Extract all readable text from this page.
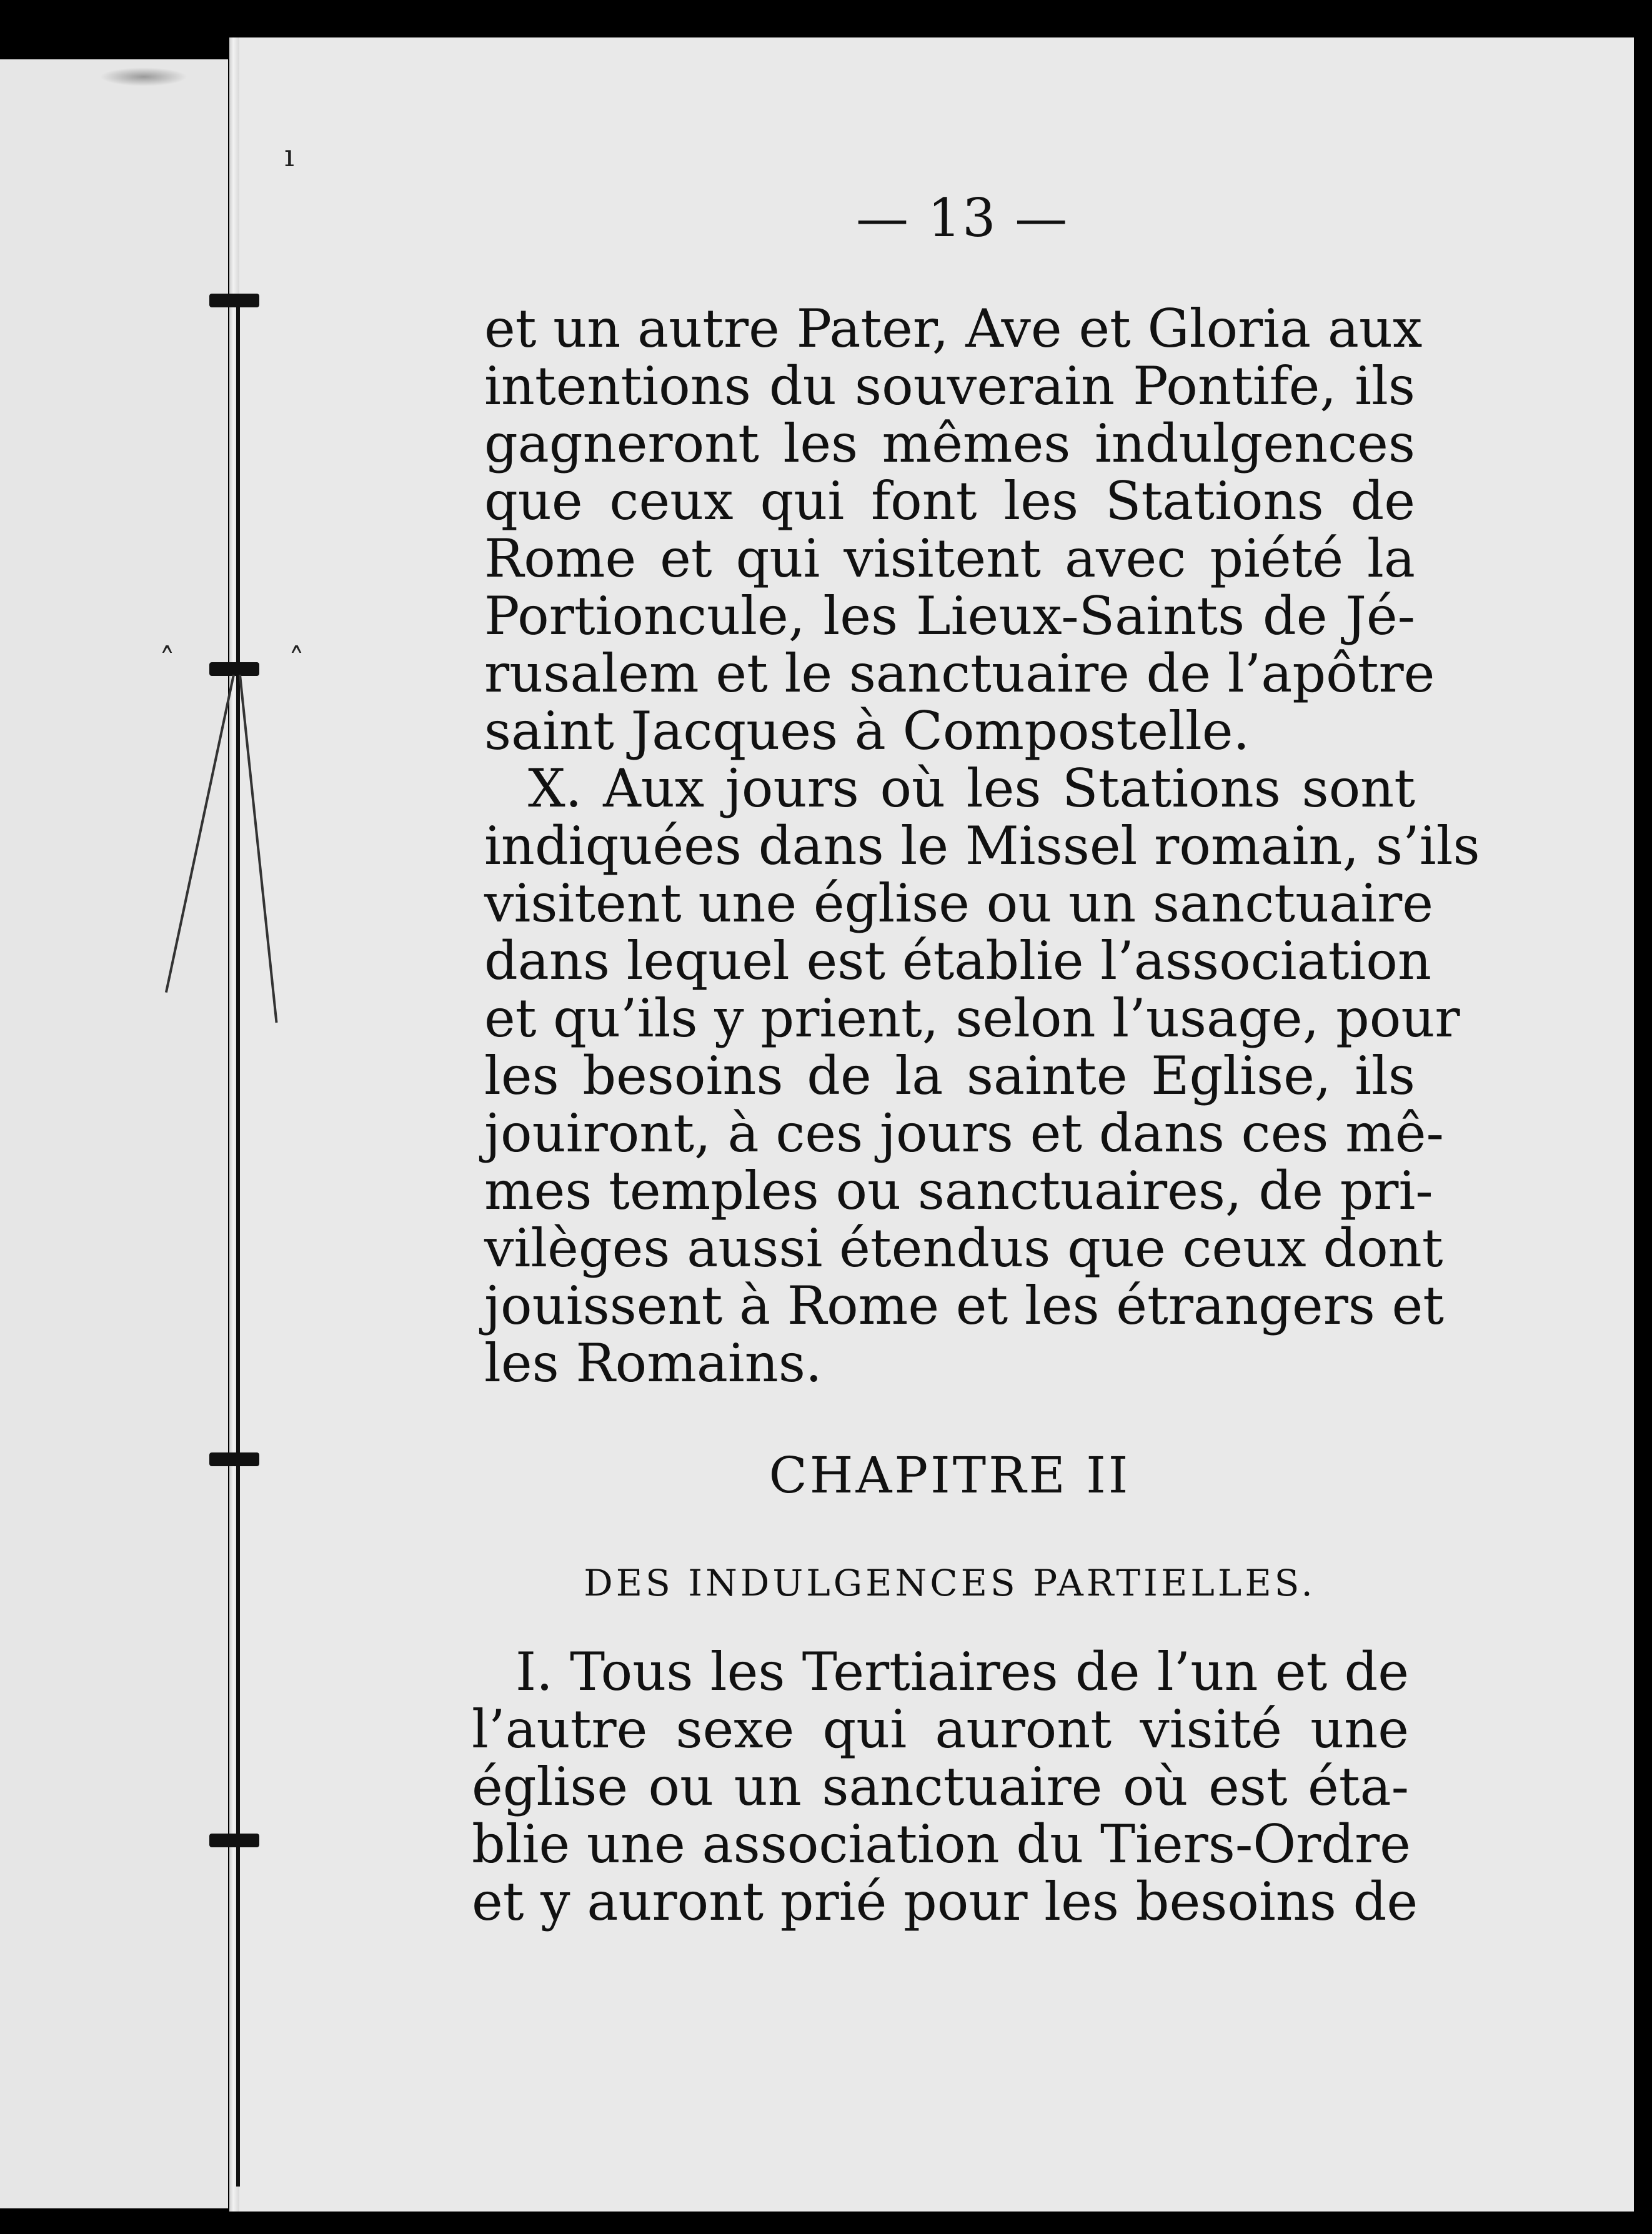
˰	˰
ı
— 13 —
et un autre Pater, Ave et Gloria aux
intentions du souverain Pontife, ils
gagneront les mêmes indulgences
que ceux qui font les Stations de
Rome et qui visitent avec piété la
Portioncule, les Lieux-Saints de Jé-
rusalem et le sanctuaire de l’apôtre
saint Jacques à Compostelle.
X. Aux jours où les Stations sont
indiquées dans le Missel romain, s’ils
visitent une église ou un sanctuaire
dans lequel est établie l’association
et qu’ils y prient, selon l’usage, pour
les besoins de la sainte Eglise, ils
jouiront, à ces jours et dans ces mê-
mes temples ou sanctuaires, de pri-
vilèges aussi étendus que ceux dont
jouissent à Rome et les étrangers et
les Romains.
CHAPITRE II
DES INDULGENCES PARTIELLES.
I. Tous les Tertiaires de l’un et de
l’autre sexe qui auront visité une
église ou un sanctuaire où est éta-
blie une association du Tiers-Ordre
et y auront prié pour les besoins de
